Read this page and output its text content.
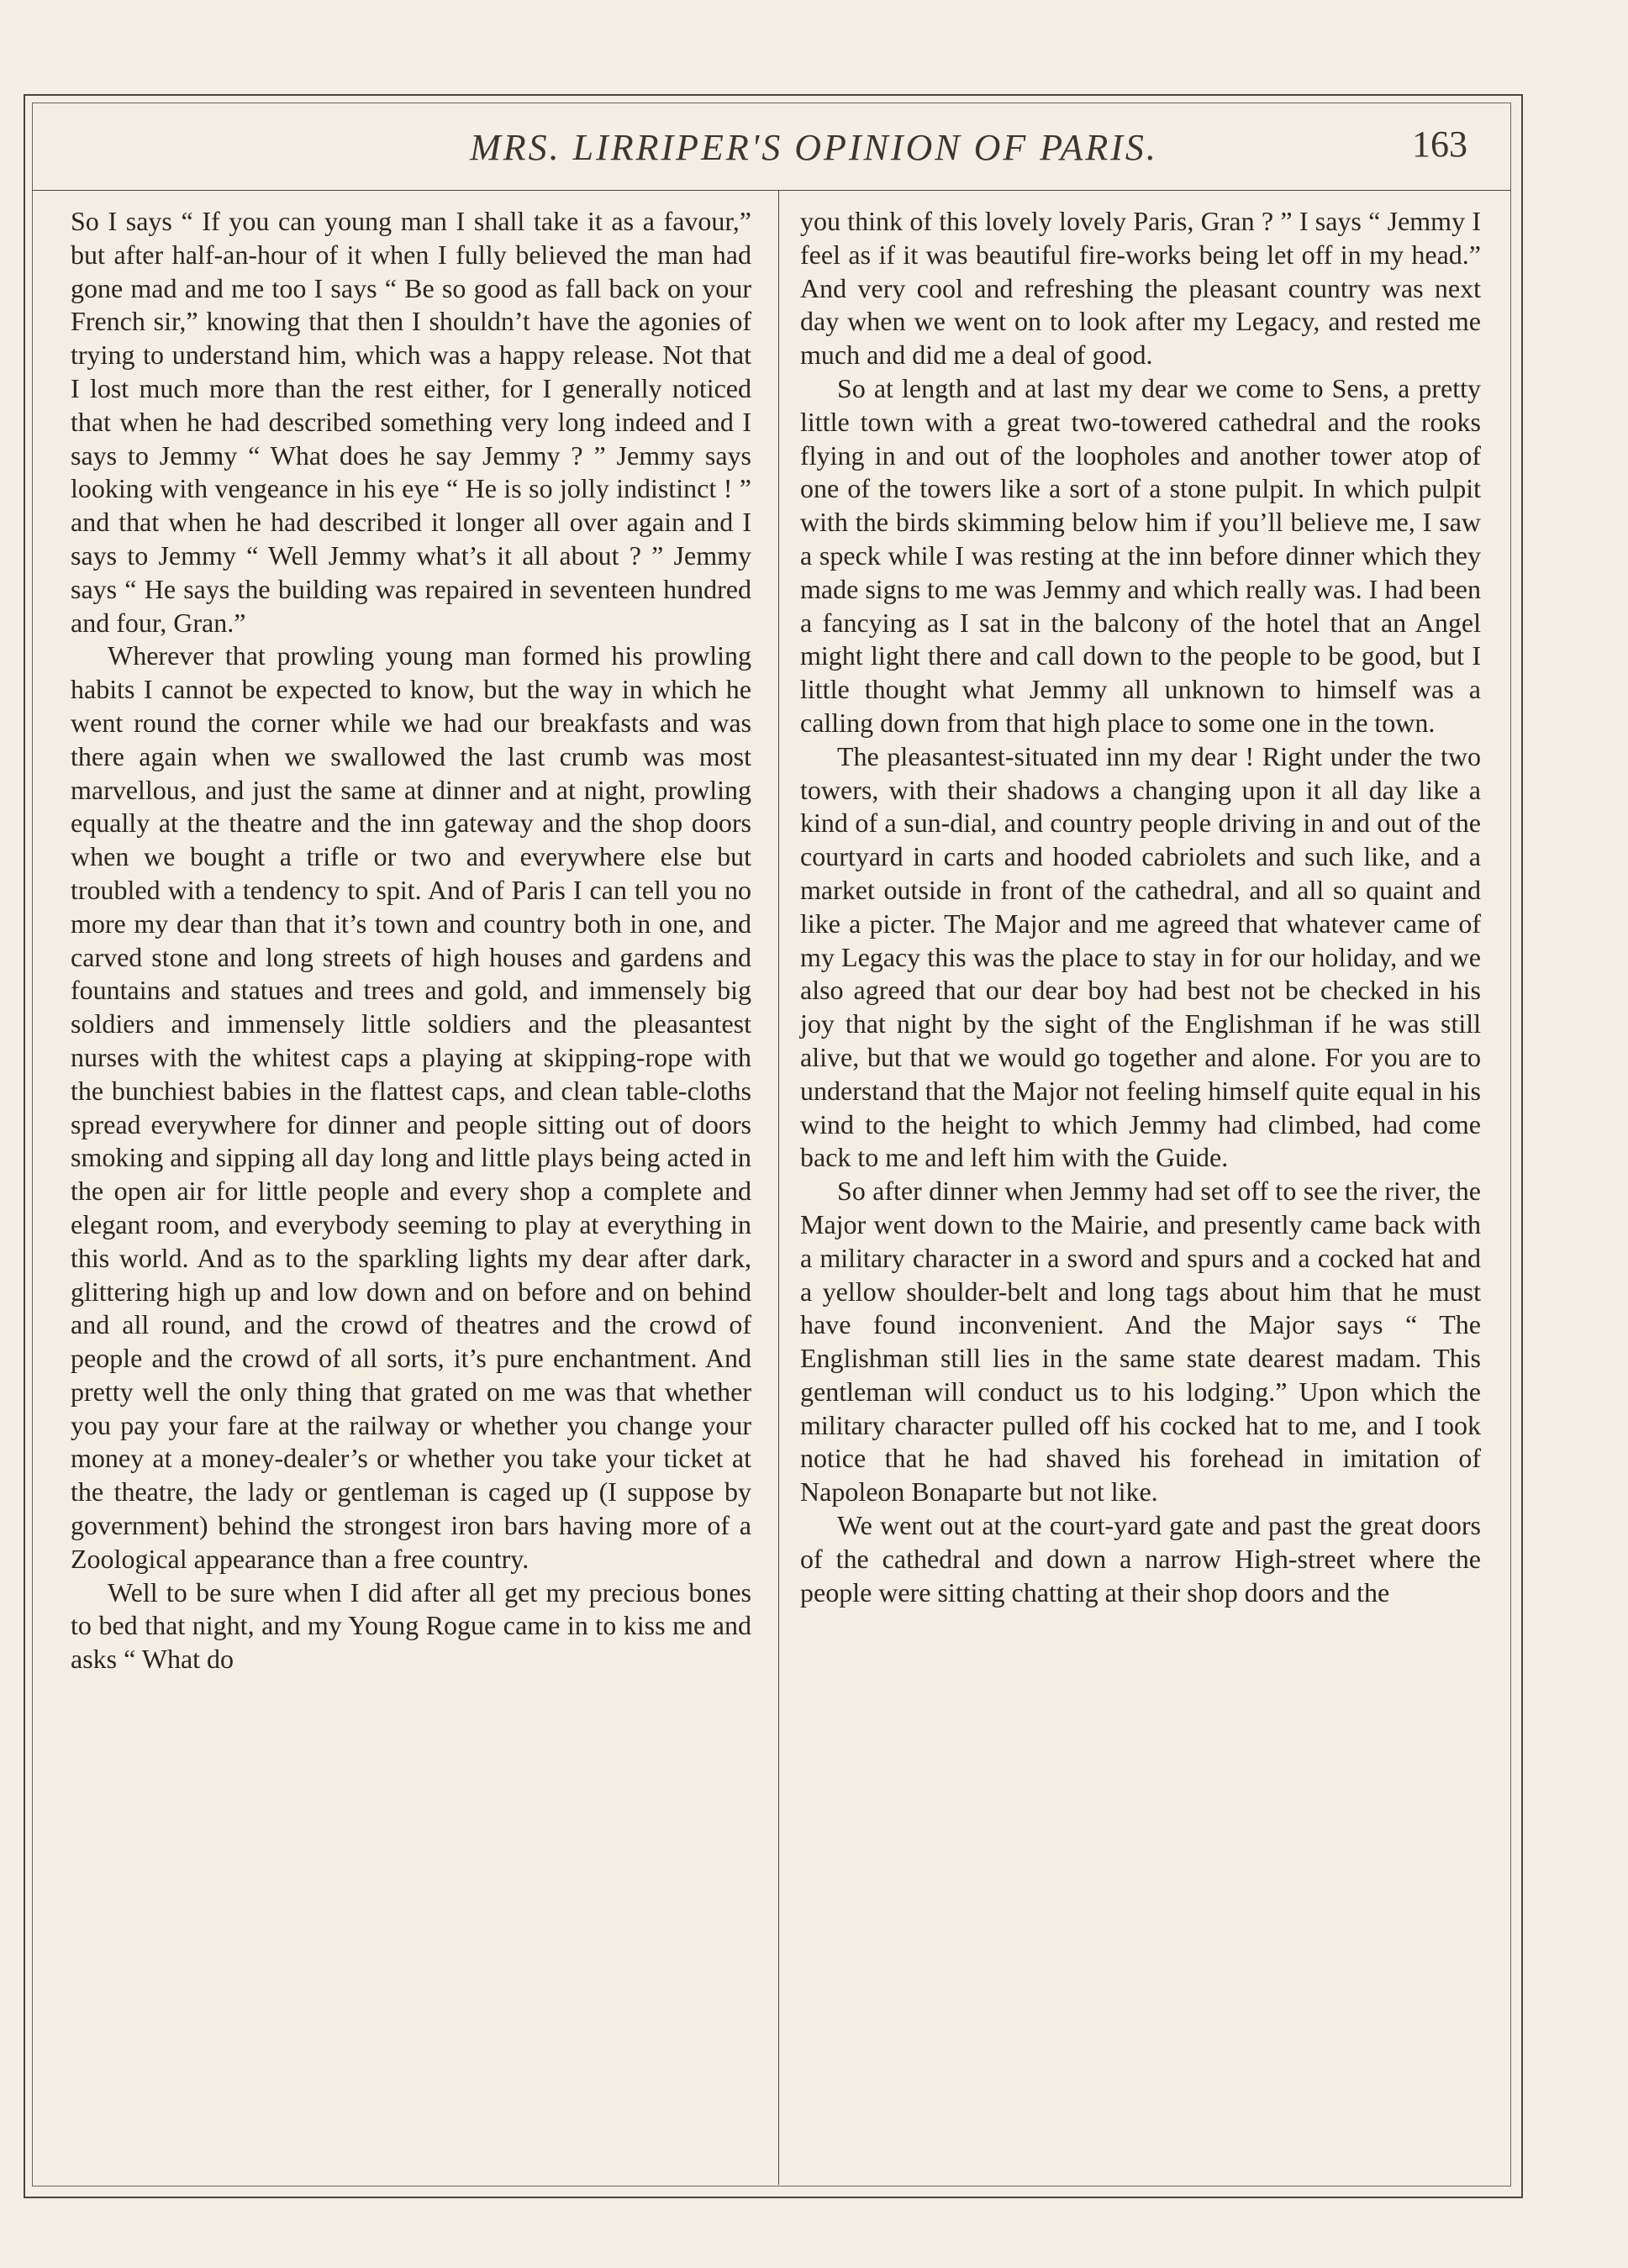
MRS. LIRRIPER'S OPINION OF PARIS.	163

So I says “ If you can young man I shall take it as a favour,” but after half-an-hour of it when I fully believed the man had gone mad and me too I says “ Be so good as fall back on your French sir,” knowing that then I shouldn’t have the agonies of trying to understand him, which was a happy release. Not that I lost much more than the rest either, for I generally noticed that when he had described something very long indeed and I says to Jemmy “ What does he say Jemmy ? ” Jemmy says looking with vengeance in his eye “ He is so jolly indistinct ! ” and that when he had described it longer all over again and I says to Jemmy “ Well Jemmy what’s it all about ? ” Jemmy says “ He says the building was repaired in seventeen hundred and four, Gran.”

Wherever that prowling young man formed his prowling habits I cannot be expected to know, but the way in which he went round the corner while we had our breakfasts and was there again when we swallowed the last crumb was most marvellous, and just the same at dinner and at night, prowling equally at the theatre and the inn gateway and the shop doors when we bought a trifle or two and everywhere else but troubled with a tendency to spit. And of Paris I can tell you no more my dear than that it’s town and country both in one, and carved stone and long streets of high houses and gardens and fountains and statues and trees and gold, and immensely big soldiers and immensely little soldiers and the pleasantest nurses with the whitest caps a playing at skipping-rope with the bunchiest babies in the flattest caps, and clean table-cloths spread everywhere for dinner and people sitting out of doors smoking and sipping all day long and little plays being acted in the open air for little people and every shop a complete and elegant room, and everybody seeming to play at everything in this world. And as to the sparkling lights my dear after dark, glittering high up and low down and on before and on behind and all round, and the crowd of theatres and the crowd of people and the crowd of all sorts, it’s pure enchantment. And pretty well the only thing that grated on me was that whether you pay your fare at the railway or whether you change your money at a money-dealer’s or whether you take your ticket at the theatre, the lady or gentleman is caged up (I suppose by government) behind the strongest iron bars having more of a Zoological appearance than a free country.

Well to be sure when I did after all get my precious bones to bed that night, and my Young Rogue came in to kiss me and asks “ What do

you think of this lovely lovely Paris, Gran ? ” I says “ Jemmy I feel as if it was beautiful fire-works being let off in my head.” And very cool and refreshing the pleasant country was next day when we went on to look after my Legacy, and rested me much and did me a deal of good.

So at length and at last my dear we come to Sens, a pretty little town with a great two-towered cathedral and the rooks flying in and out of the loopholes and another tower atop of one of the towers like a sort of a stone pulpit. In which pulpit with the birds skimming below him if you’ll believe me, I saw a speck while I was resting at the inn before dinner which they made signs to me was Jemmy and which really was. I had been a fancying as I sat in the balcony of the hotel that an Angel might light there and call down to the people to be good, but I little thought what Jemmy all unknown to himself was a calling down from that high place to some one in the town.

The pleasantest-situated inn my dear ! Right under the two towers, with their shadows a changing upon it all day like a kind of a sun-dial, and country people driving in and out of the courtyard in carts and hooded cabriolets and such like, and a market outside in front of the cathedral, and all so quaint and like a picter. The Major and me agreed that whatever came of my Legacy this was the place to stay in for our holiday, and we also agreed that our dear boy had best not be checked in his joy that night by the sight of the Englishman if he was still alive, but that we would go together and alone. For you are to understand that the Major not feeling himself quite equal in his wind to the height to which Jemmy had climbed, had come back to me and left him with the Guide.

So after dinner when Jemmy had set off to see the river, the Major went down to the Mairie, and presently came back with a military character in a sword and spurs and a cocked hat and a yellow shoulder-belt and long tags about him that he must have found inconvenient. And the Major says “ The Englishman still lies in the same state dearest madam. This gentleman will conduct us to his lodging.” Upon which the military character pulled off his cocked hat to me, and I took notice that he had shaved his forehead in imitation of Napoleon Bonaparte but not like.

We went out at the court-yard gate and past the great doors of the cathedral and down a narrow High-street where the people were sitting chatting at their shop doors and the
